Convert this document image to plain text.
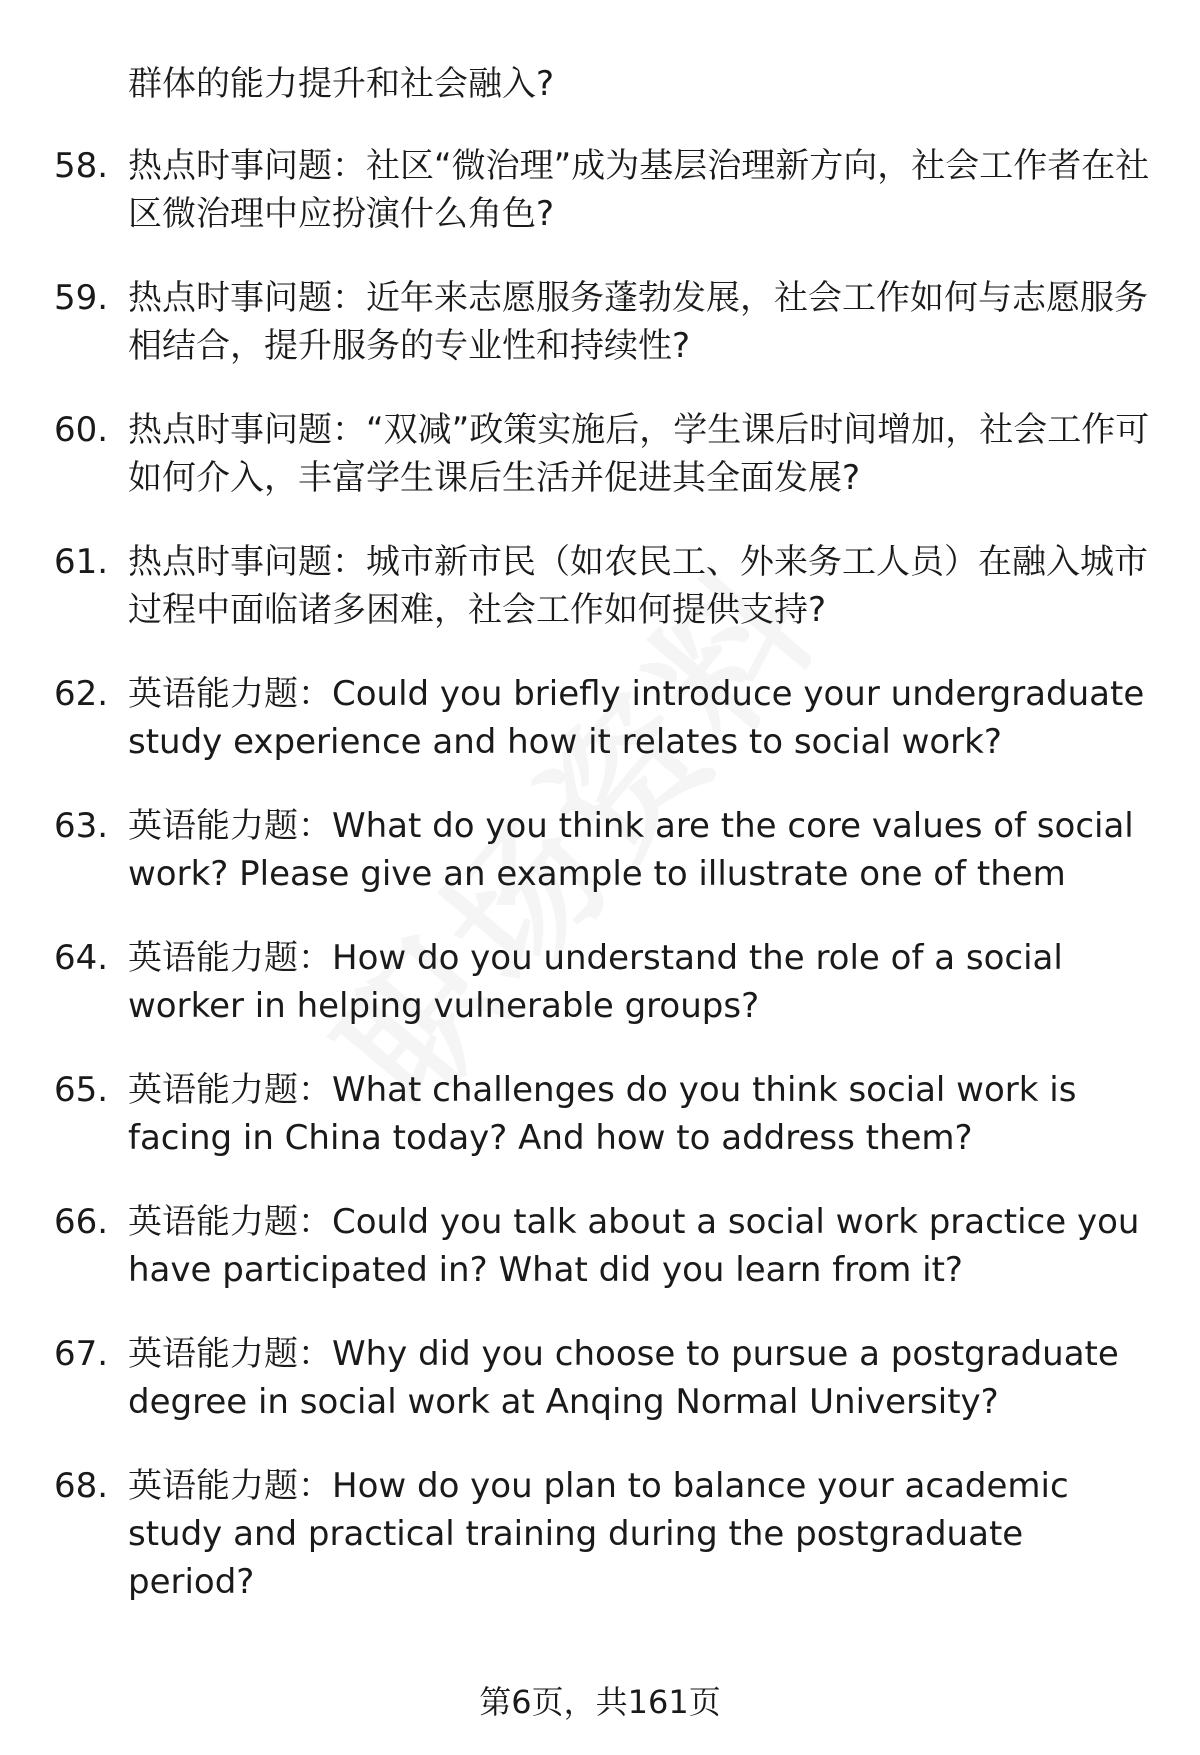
群体的能力提升和社会融入?
58. 热点时事问题：社区“微治理”成为基层治理新方向，社会工作者在社区微治理中应扮演什么角色?
59. 热点时事问题：近年来志愿服务蓬勃发展，社会工作如何与志愿服务相结合，提升服务的专业性和持续性?
60. 热点时事问题：“双减”政策实施后，学生课后时间增加，社会工作可如何介入，丰富学生课后生活并促进其全面发展?
61. 热点时事问题：城市新市民（如农民工、外来务工人员）在融入城市过程中面临诸多困难，社会工作如何提供支持?
62. 英语能力题：Could you briefly introduce your undergraduate study experience and how it relates to social work?
63. 英语能力题：What do you think are the core values of social work? Please give an example to illustrate one of them
64. 英语能力题：How do you understand the role of a social worker in helping vulnerable groups?
65. 英语能力题：What challenges do you think social work is facing in China today? And how to address them?
66. 英语能力题：Could you talk about a social work practice you have participated in? What did you learn from it?
67. 英语能力题：Why did you choose to pursue a postgraduate degree in social work at Anqing Normal University?
68. 英语能力题：How do you plan to balance your academic study and practical training during the postgraduate period?
第6页，共161页
